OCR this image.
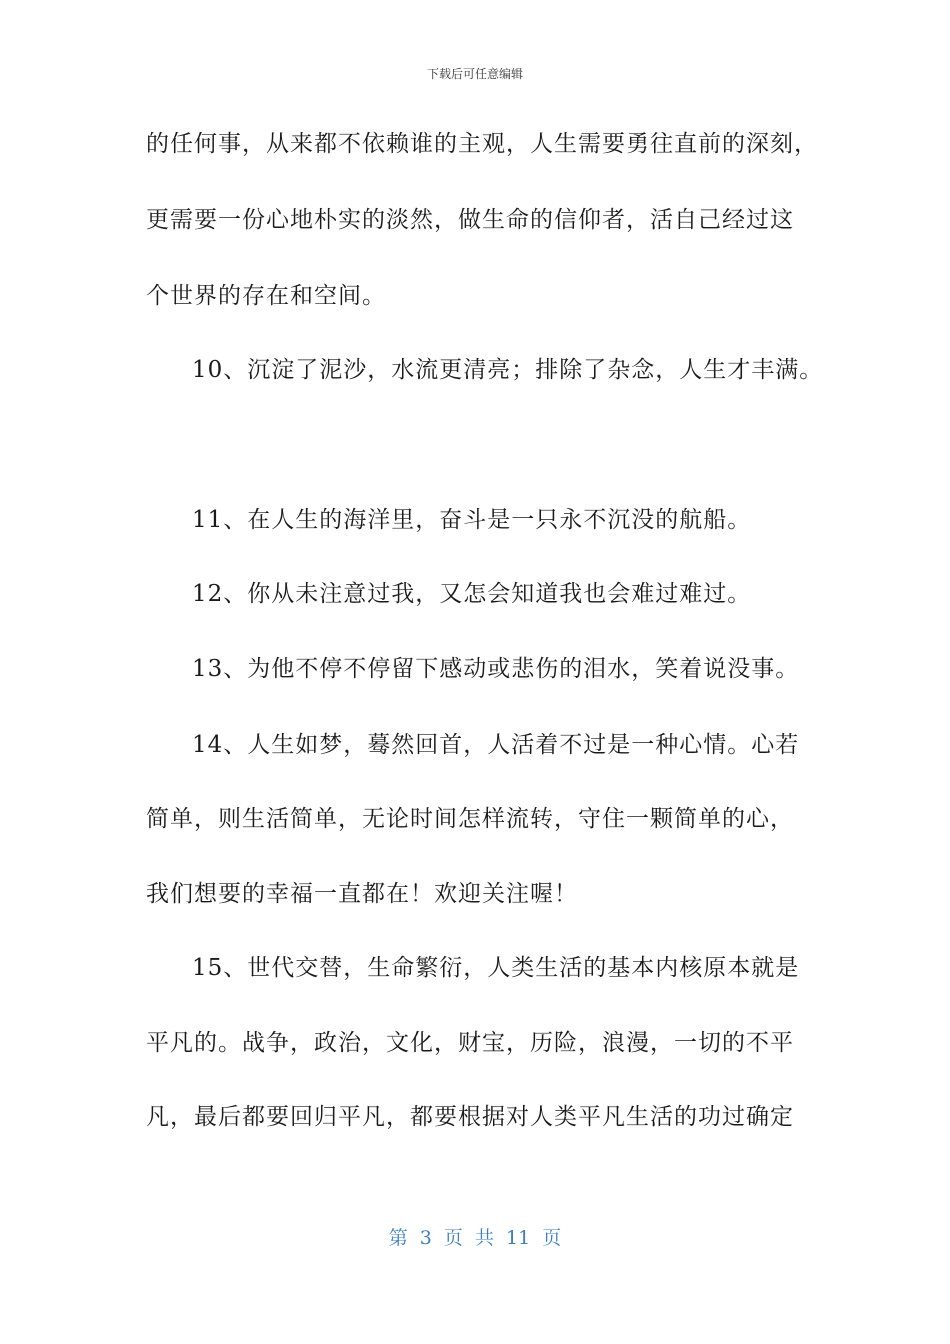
下载后可任意编辑
的任何事，从来都不依赖谁的主观，人生需要勇往直前的深刻，
更需要一份心地朴实的淡然，做生命的信仰者，活自己经过这
个世界的存在和空间。
10、沉淀了泥沙，水流更清亮；排除了杂念，人生才丰满。
11、在人生的海洋里，奋斗是一只永不沉没的航船。
12、你从未注意过我，又怎会知道我也会难过难过。
13、为他不停不停留下感动或悲伤的泪水，笑着说没事。
14、人生如梦，蓦然回首，人活着不过是一种心情。心若
简单，则生活简单，无论时间怎样流转，守住一颗简单的心，
我们想要的幸福一直都在！欢迎关注喔！
15、世代交替，生命繁衍，人类生活的基本内核原本就是
平凡的。战争，政治，文化，财宝，历险，浪漫，一切的不平
凡，最后都要回归平凡，都要根据对人类平凡生活的功过确定
第 3 页 共 11 页
